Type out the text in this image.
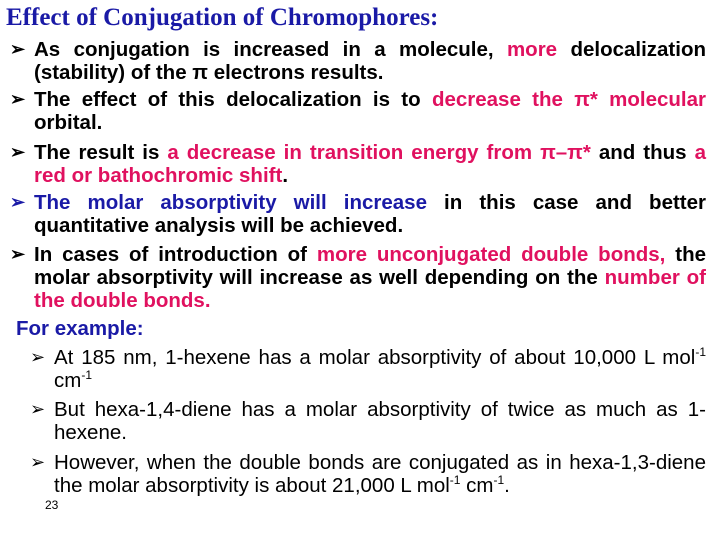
Effect of Conjugation of Chromophores:
➢ As conjugation is increased in a molecule, more delocalization (stability) of the π electrons results.
➢ The effect of this delocalization is to decrease the π* molecular orbital.
➢ The result is a decrease in transition energy from π–π* and thus a red or bathochromic shift.
➢ The molar absorptivity will increase in this case and better quantitative analysis will be achieved.
➢ In cases of introduction of more unconjugated double bonds, the molar absorptivity will increase as well depending on the number of the double bonds.
For example:
➢ At 185 nm, 1-hexene has a molar absorptivity of about 10,000 L mol$^{-1}$ $cm^{-1}$
➢ But hexa-1,4-diene has a molar absorptivity of twice as much as 1-hexene.
➢ However, when the double bonds are conjugated as in hexa-1,3-diene the molar absorptivity is about 21,000 L mol$^{-1}$ $cm^{-1}$.
23
